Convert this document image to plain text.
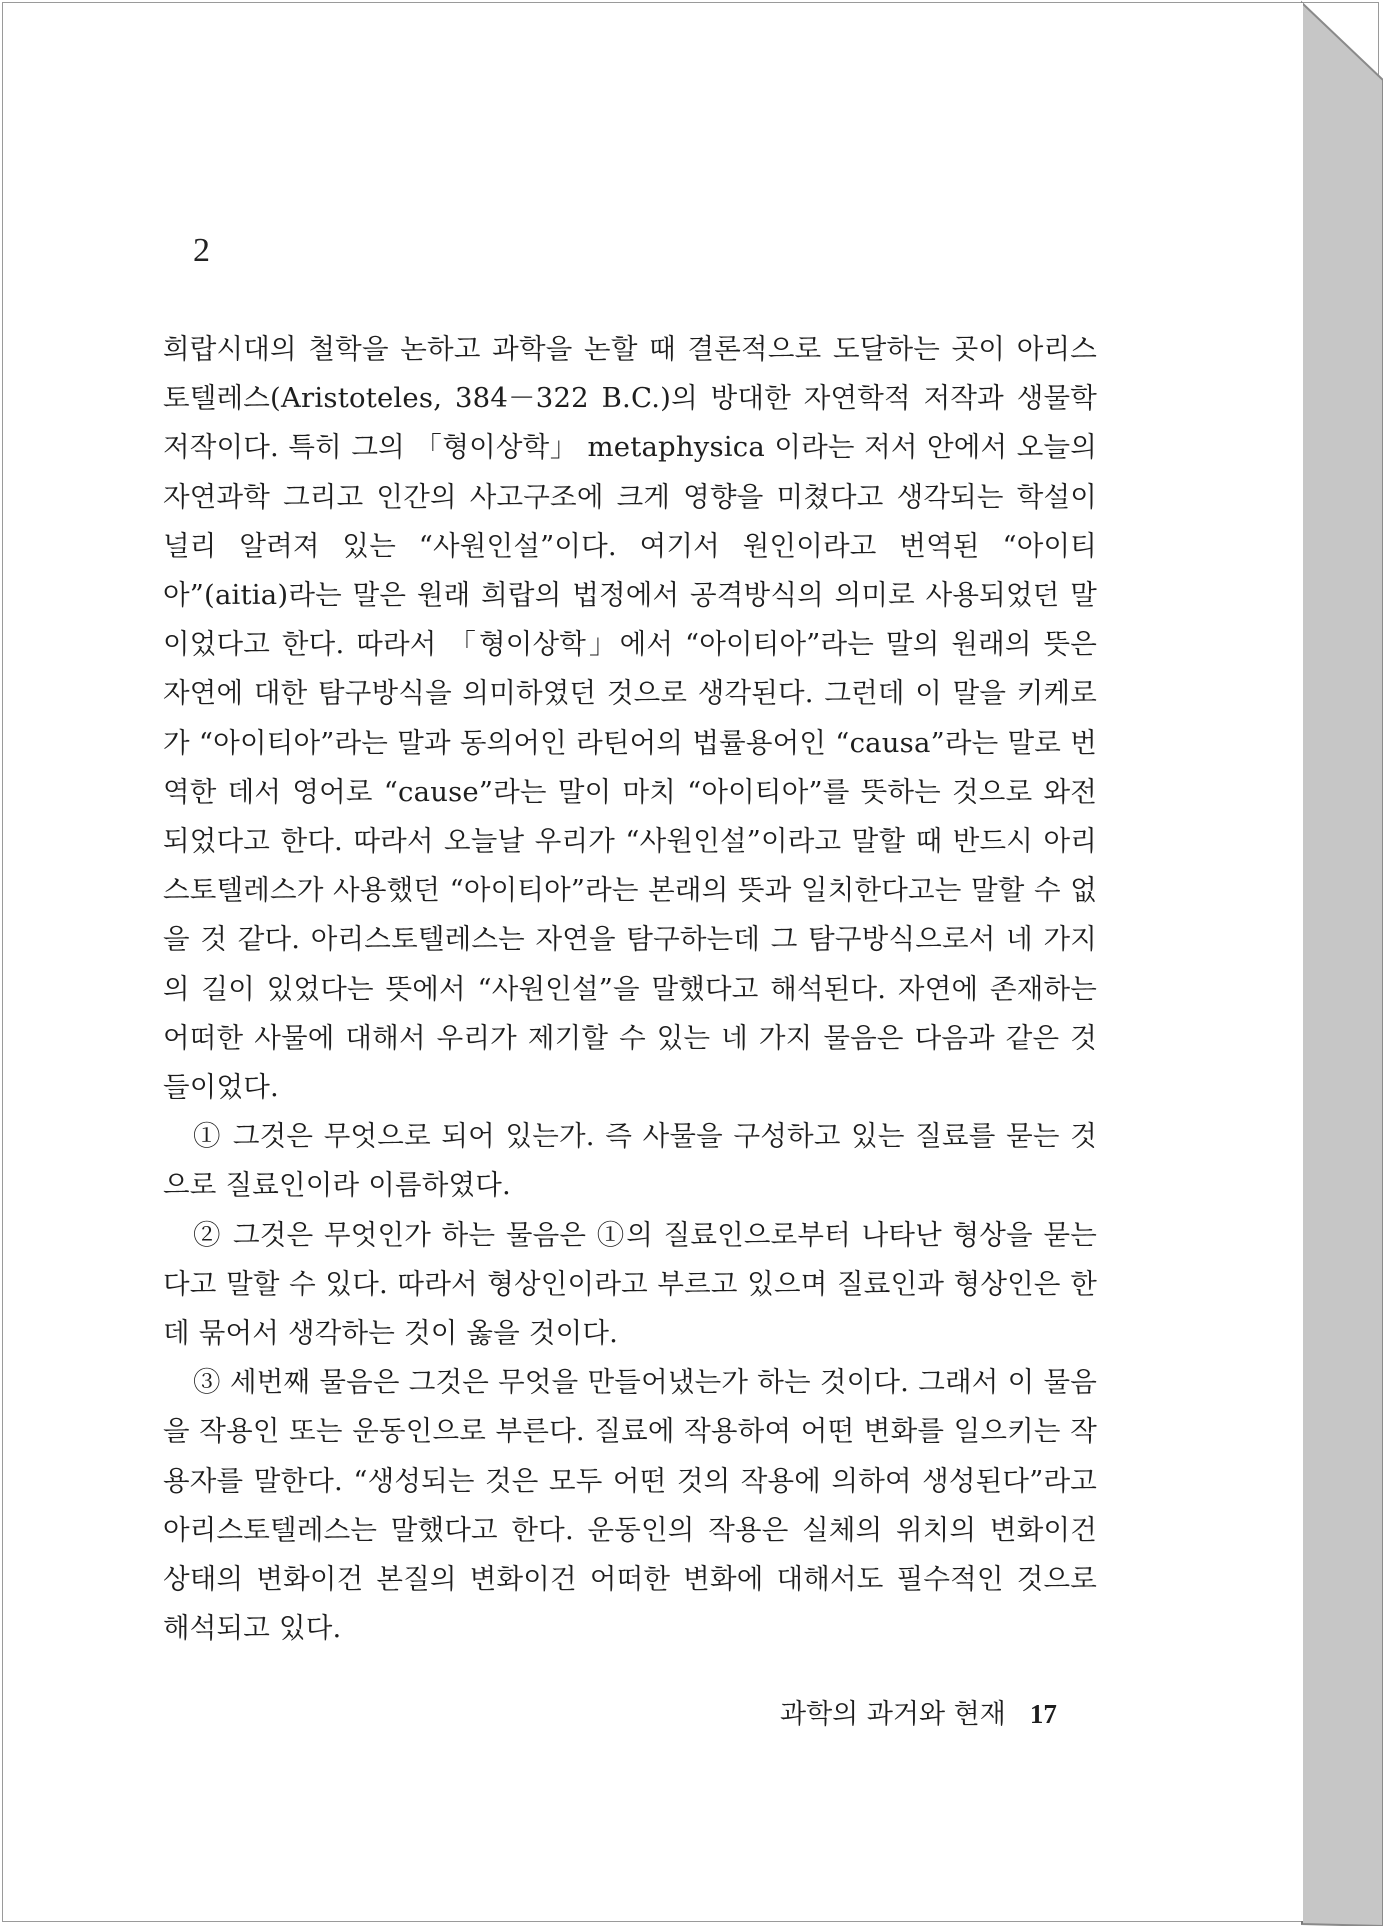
2

희랍시대의 철학을 논하고 과학을 논할 때 결론적으로 도달하는 곳이 아리스토텔레스(Aristoteles, 384－322 B.C.)의 방대한 자연학적 저작과 생물학 저작이다. 특히 그의 「형이상학」 metaphysica 이라는 저서 안에서 오늘의 자연과학 그리고 인간의 사고구조에 크게 영향을 미쳤다고 생각되는 학설이 널리 알려져 있는 “사원인설”이다. 여기서 원인이라고 번역된 “아이티아”(aitia)라는 말은 원래 희랍의 법정에서 공격방식의 의미로 사용되었던 말이었다고 한다. 따라서 「형이상학」에서 “아이티아”라는 말의 원래의 뜻은 자연에 대한 탐구방식을 의미하였던 것으로 생각된다. 그런데 이 말을 키케로가 “아이티아”라는 말과 동의어인 라틴어의 법률용어인 “causa”라는 말로 번역한 데서 영어로 “cause”라는 말이 마치 “아이티아”를 뜻하는 것으로 와전되었다고 한다. 따라서 오늘날 우리가 “사원인설”이라고 말할 때 반드시 아리스토텔레스가 사용했던 “아이티아”라는 본래의 뜻과 일치한다고는 말할 수 없을 것 같다. 아리스토텔레스는 자연을 탐구하는데 그 탐구방식으로서 네 가지의 길이 있었다는 뜻에서 “사원인설”을 말했다고 해석된다. 자연에 존재하는 어떠한 사물에 대해서 우리가 제기할 수 있는 네 가지 물음은 다음과 같은 것들이었다.

① 그것은 무엇으로 되어 있는가. 즉 사물을 구성하고 있는 질료를 묻는 것으로 질료인이라 이름하였다.

② 그것은 무엇인가 하는 물음은 ①의 질료인으로부터 나타난 형상을 묻는다고 말할 수 있다. 따라서 형상인이라고 부르고 있으며 질료인과 형상인은 한데 묶어서 생각하는 것이 옳을 것이다.

③ 세번째 물음은 그것은 무엇을 만들어냈는가 하는 것이다. 그래서 이 물음을 작용인 또는 운동인으로 부른다. 질료에 작용하여 어떤 변화를 일으키는 작용자를 말한다. “생성되는 것은 모두 어떤 것의 작용에 의하여 생성된다”라고 아리스토텔레스는 말했다고 한다. 운동인의 작용은 실체의 위치의 변화이건 상태의 변화이건 본질의 변화이건 어떠한 변화에 대해서도 필수적인 것으로 해석되고 있다.

과학의 과거와 현재 17
